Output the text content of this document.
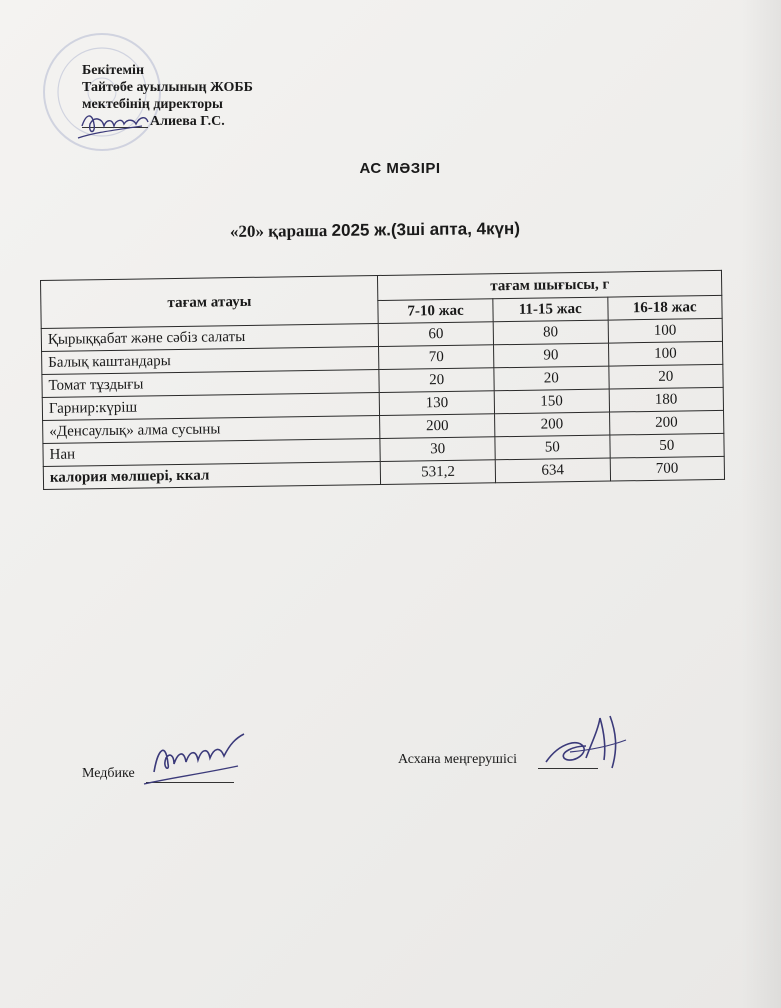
Бекітемін
Тайтөбе ауылының ЖОББ
мектебінің директоры
Алиева Г.С.
АС МӘЗІРІ
«20» қараша 2025 ж.(3ші апта, 4күн)
тағам атауы	тағам шығысы, г		
	7-10 жас	11-15 жас	16-18 жас
Қырыққабат және сәбіз салаты	60	80	100
Балық каштандары	70	90	100
Томат тұздығы	20	20	20
Гарнир:күріш	130	150	180
«Денсаулық» алма сусыны	200	200	200
Нан	30	50	50
калория мөлшері, ккал	531,2	634	700
Медбике
Асхана меңгерушісі
